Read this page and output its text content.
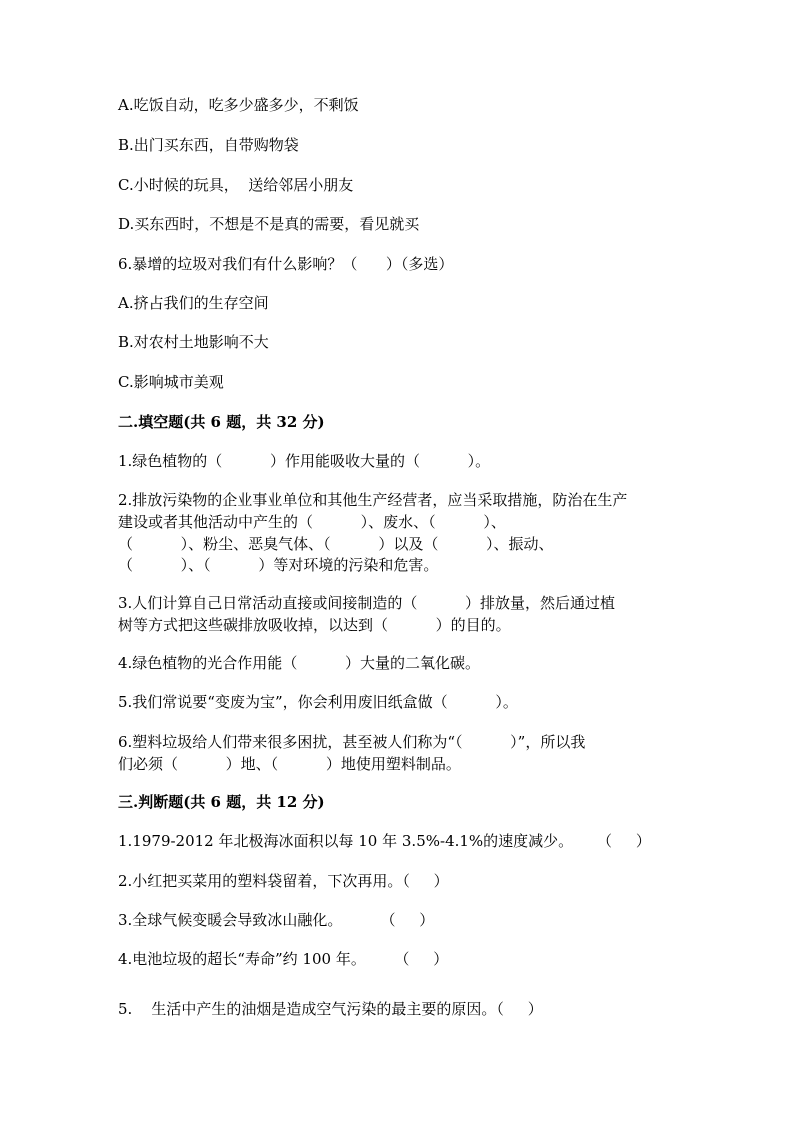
A.吃饭自动，吃多少盛多少，不剩饭
B.出门买东西，自带购物袋
C.小时候的玩具，  送给邻居小朋友
D.买东西时，不想是不是真的需要，看见就买
6.暴增的垃圾对我们有什么影响？（      ）（多选）
A.挤占我们的生存空间
B.对农村土地影响不大
C.影响城市美观
二.填空题(共 6 题，共 32 分)
1.绿色植物的（          ）作用能吸收大量的（          ）。
2.排放污染物的企业事业单位和其他生产经营者，应当采取措施，防治在生产
建设或者其他活动中产生的（          ）、废水、（          ）、
（          ）、粉尘、恶臭气体、（          ）以及（          ）、振动、
（          ）、（          ）等对环境的污染和危害。
3.人们计算自己日常活动直接或间接制造的（          ）排放量，然后通过植
树等方式把这些碳排放吸收掉，以达到（          ）的目的。
4.绿色植物的光合作用能（          ）大量的二氧化碳。
5.我们常说要“变废为宝”，你会利用废旧纸盒做（          ）。
6.塑料垃圾给人们带来很多困扰，甚至被人们称为“（          ）”，所以我
们必须（          ）地、（          ）地使用塑料制品。
三.判断题(共 6 题，共 12 分)
1.1979-2012 年北极海冰面积以每 10 年 3.5%-4.1%的速度减少。     （     ）
2.小红把买菜用的塑料袋留着，下次再用。（     ）
3.全球气候变暖会导致冰山融化。        （     ）
4.电池垃圾的超长“寿命”约 100 年。      （     ）
5.    生活中产生的油烟是造成空气污染的最主要的原因。（     ）
